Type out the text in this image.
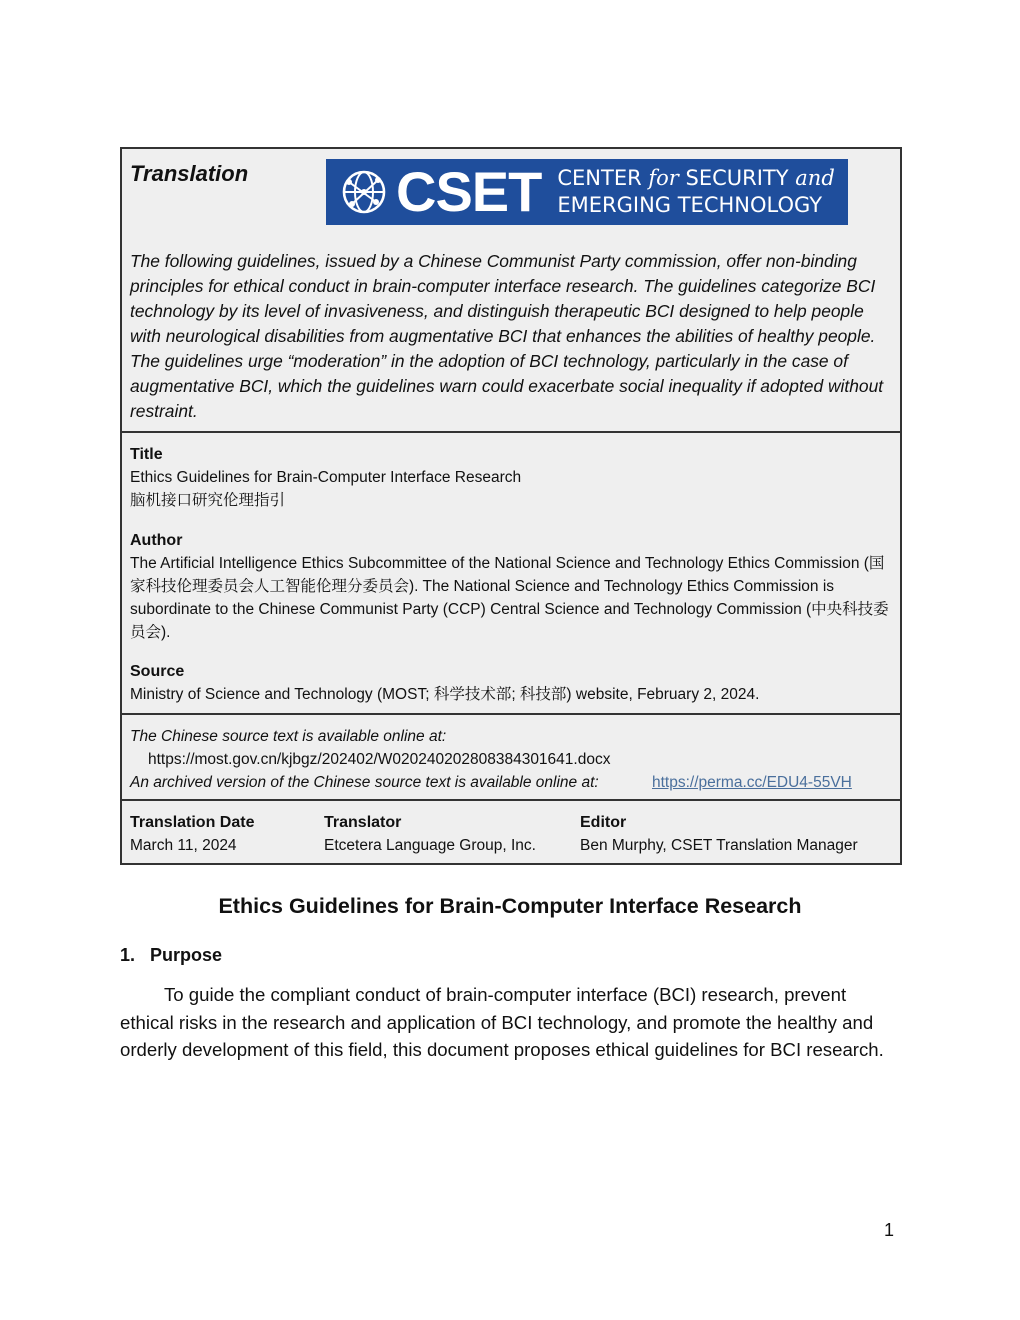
Translation	CSET CENTER for SECURITY and
EMERGING TECHNOLOGY

The following guidelines, issued by a Chinese Communist Party commission, offer non-binding principles for ethical conduct in brain-computer interface research. The guidelines categorize BCI technology by its level of invasiveness, and distinguish therapeutic BCI designed to help people with neurological disabilities from augmentative BCI that enhances the abilities of healthy people. The guidelines urge “moderation” in the adoption of BCI technology, particularly in the case of augmentative BCI, which the guidelines warn could exacerbate social inequality if adopted without restraint.

Title
Ethics Guidelines for Brain-Computer Interface Research
脑机接口研究伦理指引
Author
The Artificial Intelligence Ethics Subcommittee of the National Science and Technology Ethics Commission (国家科技伦理委员会人工智能伦理分委员会). The National Science and Technology Ethics Commission is subordinate to the Chinese Communist Party (CCP) Central Science and Technology Commission (中央科技委员会).
Source
Ministry of Science and Technology (MOST; 科学技术部; 科技部) website, February 2, 2024.
The Chinese source text is available online at:
https://most.gov.cn/kjbgz/202402/W020240202808384301641.docx
An archived version of the Chinese source text is available online at:	https://perma.cc/EDU4-55VH
Translation Date
March 11, 2024
Translator
Etcetera Language Group, Inc.
Editor
Ben Murphy, CSET Translation Manager
Ethics Guidelines for Brain-Computer Interface Research
1. Purpose

To guide the compliant conduct of brain-computer interface (BCI) research, prevent ethical risks in the research and application of BCI technology, and promote the healthy and orderly development of this field, this document proposes ethical guidelines for BCI research.

1
